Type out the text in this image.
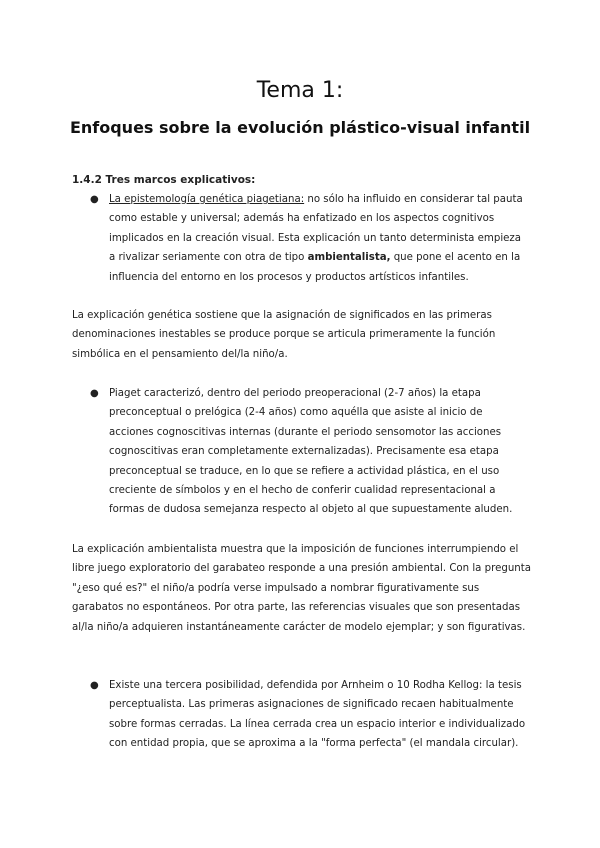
Tema 1:
Enfoques sobre la evolución plástico-visual infantil
1.4.2 Tres marcos explicativos:
● La epistemología genética piagetiana: no sólo ha influido en considerar tal pauta como estable y universal; además ha enfatizado en los aspectos cognitivos implicados en la creación visual. Esta explicación un tanto determinista empieza a rivalizar seriamente con otra de tipo ambientalista, que pone el acento en la influencia del entorno en los procesos y productos artísticos infantiles.

La explicación genética sostiene que la asignación de significados en las primeras denominaciones inestables se produce porque se articula primeramente la función simbólica en el pensamiento del/la niño/a.

● Piaget caracterizó, dentro del periodo preoperacional (2-7 años) la etapa preconceptual o prelógica (2-4 años) como aquélla que asiste al inicio de acciones cognoscitivas internas (durante el periodo sensomotor las acciones cognoscitivas eran completamente externalizadas). Precisamente esa etapa preconceptual se traduce, en lo que se refiere a actividad plástica, en el uso creciente de símbolos y en el hecho de conferir cualidad representacional a formas de dudosa semejanza respecto al objeto al que supuestamente aluden.

La explicación ambientalista muestra que la imposición de funciones interrumpiendo el libre juego exploratorio del garabateo responde a una presión ambiental. Con la pregunta "¿eso qué es?" el niño/a podría verse impulsado a nombrar figurativamente sus garabatos no espontáneos. Por otra parte, las referencias visuales que son presentadas al/la niño/a adquieren instantáneamente carácter de modelo ejemplar; y son figurativas.

● Existe una tercera posibilidad, defendida por Arnheim o 10 Rodha Kellog: la tesis perceptualista. Las primeras asignaciones de significado recaen habitualmente sobre formas cerradas. La línea cerrada crea un espacio interior e individualizado con entidad propia, que se aproxima a la "forma perfecta" (el mandala circular).
